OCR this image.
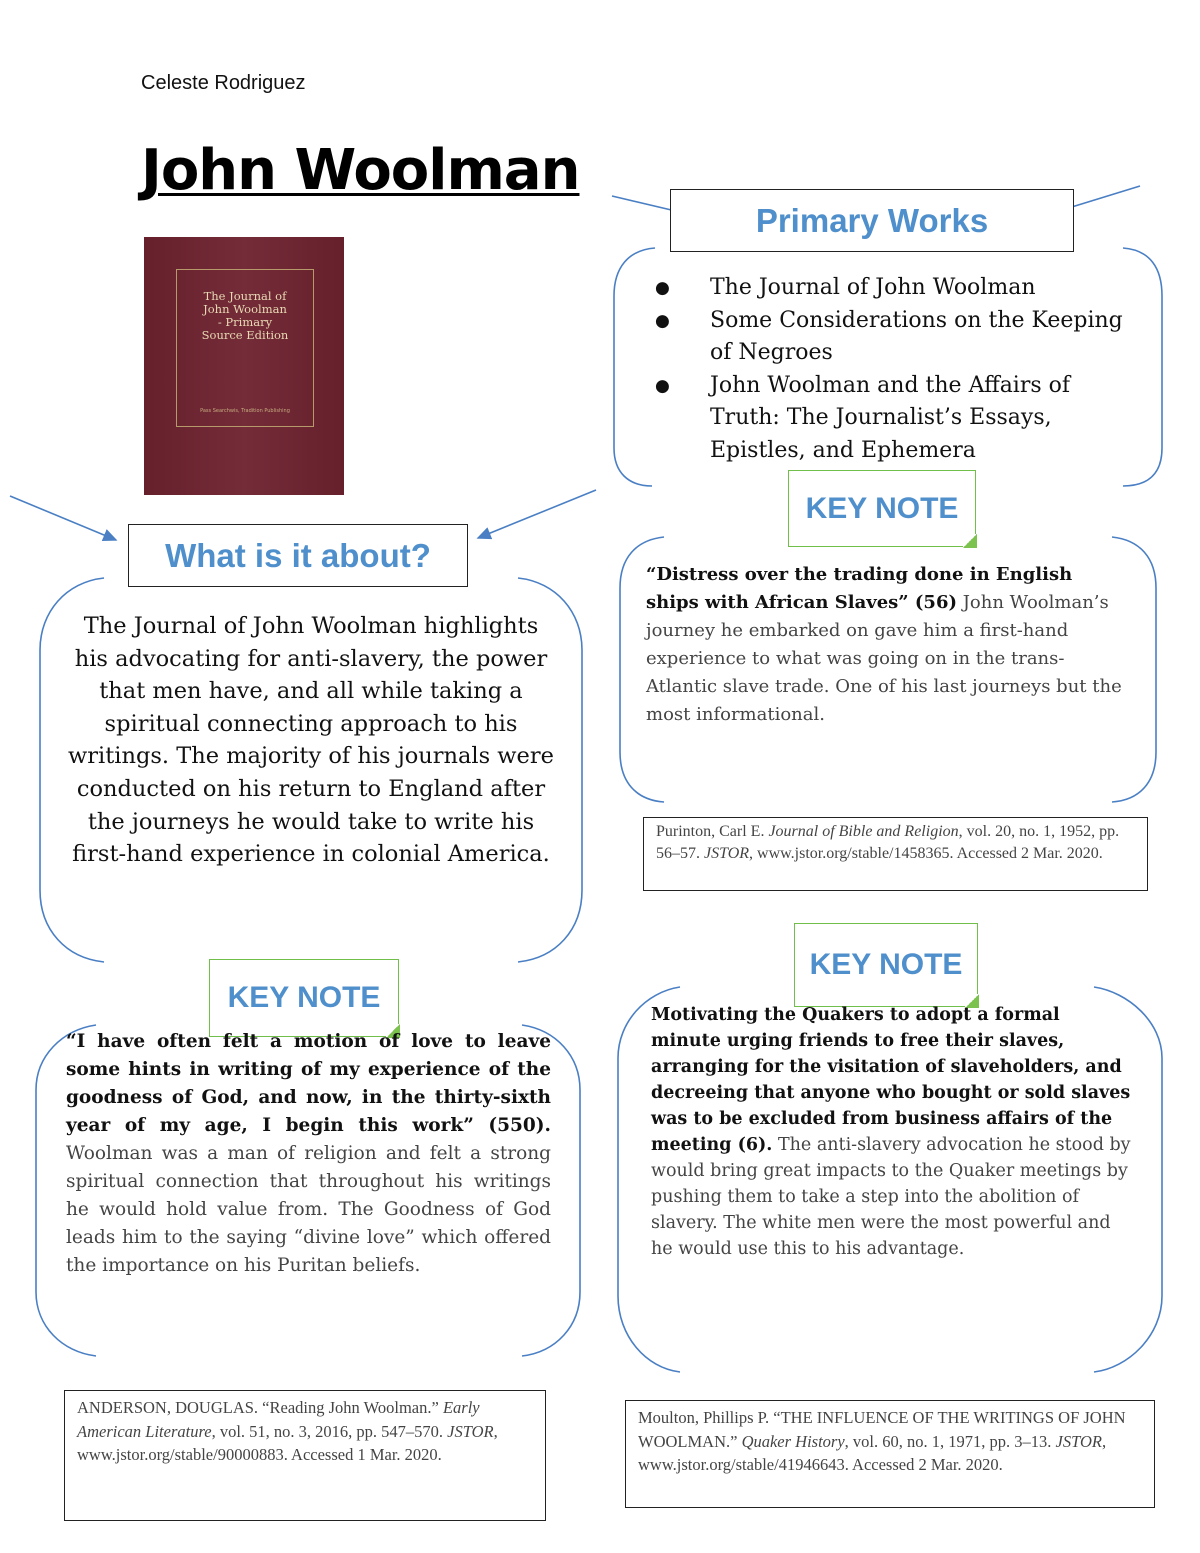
Celeste Rodriguez
John Woolman
The Journal of
John Woolman
- Primary
Source Edition
Pass Searchwis, Tradition Publishing
Primary Works
● The Journal of John Woolman
● Some Considerations on the Keeping of Negroes
● John Woolman and the Affairs of Truth: The Journalist’s Essays, Epistles, and Ephemera
What is it about?
The Journal of John Woolman highlights his advocating for anti-slavery, the power that men have, and all while taking a spiritual connecting approach to his writings. The majority of his journals were conducted on his return to England after the journeys he would take to write his first-hand experience in colonial America.
KEY NOTE
“Distress over the trading done in English ships with African Slaves” (56) John Woolman’s journey he embarked on gave him a first-hand experience to what was going on in the trans-Atlantic slave trade. One of his last journeys but the most informational.
Purinton, Carl E. Journal of Bible and Religion, vol. 20, no. 1, 1952, pp. 56–57. JSTOR, www.jstor.org/stable/1458365. Accessed 2 Mar. 2020.
KEY NOTE
“I have often felt a motion of love to leave some hints in writing of my experience of the goodness of God, and now, in the thirty-sixth year of my age, I begin this work” (550). Woolman was a man of religion and felt a strong spiritual connection that throughout his writings he would hold value from. The Goodness of God leads him to the saying “divine love” which offered the importance on his Puritan beliefs.
ANDERSON, DOUGLAS. “Reading John Woolman.” Early American Literature, vol. 51, no. 3, 2016, pp. 547–570. JSTOR, www.jstor.org/stable/90000883. Accessed 1 Mar. 2020.
KEY NOTE
Motivating the Quakers to adopt a formal minute urging friends to free their slaves, arranging for the visitation of slaveholders, and decreeing that anyone who bought or sold slaves was to be excluded from business affairs of the meeting (6). The anti-slavery advocation he stood by would bring great impacts to the Quaker meetings by pushing them to take a step into the abolition of slavery. The white men were the most powerful and he would use this to his advantage.
Moulton, Phillips P. “THE INFLUENCE OF THE WRITINGS OF JOHN WOOLMAN.” Quaker History, vol. 60, no. 1, 1971, pp. 3–13. JSTOR, www.jstor.org/stable/41946643. Accessed 2 Mar. 2020.
